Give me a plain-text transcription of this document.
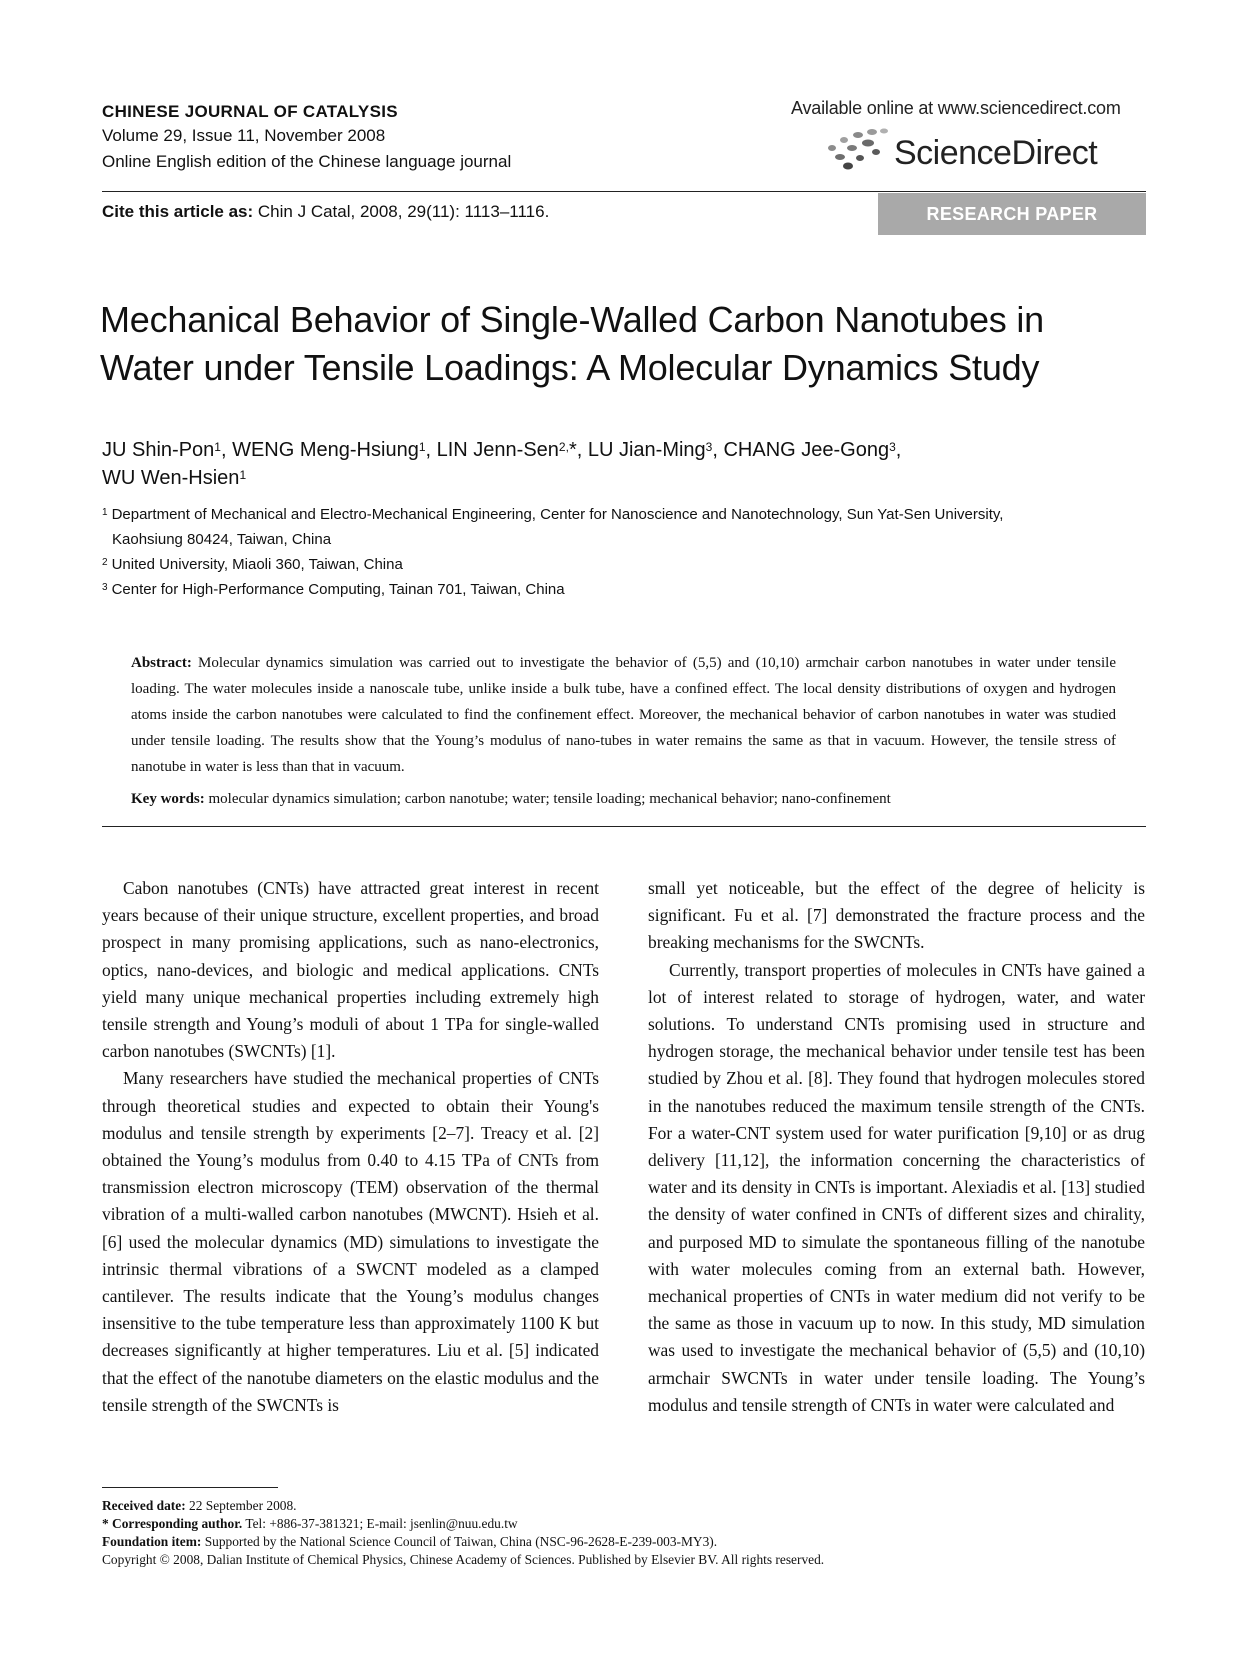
CHINESE JOURNAL OF CATALYSIS
Volume 29, Issue 11, November 2008
Online English edition of the Chinese language journal
Available online at www.sciencedirect.com
ScienceDirect
Cite this article as: Chin J Catal, 2008, 29(11): 1113–1116.	RESEARCH PAPER
Mechanical Behavior of Single-Walled Carbon Nanotubes in
Water under Tensile Loadings: A Molecular Dynamics Study
JU Shin-Pon$^1$, WENG Meng-Hsiung$^1$, LIN Jenn-Sen$^{2,}$*, LU Jian-Ming$^3$, CHANG Jee-Gong$^3$,
WU Wen-Hsien$^1$
$^1$ Department of Mechanical and Electro-Mechanical Engineering, Center for Nanoscience and Nanotechnology, Sun Yat-Sen University,
Kaohsiung 80424, Taiwan, China
$^2$ United University, Miaoli 360, Taiwan, China
$^3$ Center for High-Performance Computing, Tainan 701, Taiwan, China
Abstract: Molecular dynamics simulation was carried out to investigate the behavior of (5,5) and (10,10) armchair carbon nanotubes in water under tensile loading. The water molecules inside a nanoscale tube, unlike inside a bulk tube, have a confined effect. The local density distributions of oxygen and hydrogen atoms inside the carbon nanotubes were calculated to find the confinement effect. Moreover, the mechanical behavior of carbon nanotubes in water was studied under tensile loading. The results show that the Young’s modulus of nano-tubes in water remains the same as that in vacuum. However, the tensile stress of nanotube in water is less than that in vacuum.
Key words: molecular dynamics simulation; carbon nanotube; water; tensile loading; mechanical behavior; nano-confinement

Cabon nanotubes (CNTs) have attracted great interest in recent years because of their unique structure, excellent properties, and broad prospect in many promising applications, such as nano-electronics, optics, nano-devices, and biologic and medical applications. CNTs yield many unique mechanical properties including extremely high tensile strength and Young’s moduli of about 1 TPa for single-walled carbon nanotubes (SWCNTs) [1].

Many researchers have studied the mechanical properties of CNTs through theoretical studies and expected to obtain their Young's modulus and tensile strength by experiments [2–7]. Treacy et al. [2] obtained the Young’s modulus from 0.40 to 4.15 TPa of CNTs from transmission electron microscopy (TEM) observation of the thermal vibration of a multi-walled carbon nanotubes (MWCNT). Hsieh et al. [6] used the molecular dynamics (MD) simulations to investigate the intrinsic thermal vibrations of a SWCNT modeled as a clamped cantilever. The results indicate that the Young’s modulus changes insensitive to the tube temperature less than approximately 1100 K but decreases significantly at higher temperatures. Liu et al. [5] indicated that the effect of the nanotube diameters on the elastic modulus and the tensile strength of the SWCNTs is

small yet noticeable, but the effect of the degree of helicity is significant. Fu et al. [7] demonstrated the fracture process and the breaking mechanisms for the SWCNTs.

Currently, transport properties of molecules in CNTs have gained a lot of interest related to storage of hydrogen, water, and water solutions. To understand CNTs promising used in structure and hydrogen storage, the mechanical behavior under tensile test has been studied by Zhou et al. [8]. They found that hydrogen molecules stored in the nanotubes reduced the maximum tensile strength of the CNTs. For a water-CNT system used for water purification [9,10] or as drug delivery [11,12], the information concerning the characteristics of water and its density in CNTs is important. Alexiadis et al. [13] studied the density of water confined in CNTs of different sizes and chirality, and purposed MD to simulate the spontaneous filling of the nanotube with water molecules coming from an external bath. However, mechanical properties of CNTs in water medium did not verify to be the same as those in vacuum up to now. In this study, MD simulation was used to investigate the mechanical behavior of (5,5) and (10,10) armchair SWCNTs in water under tensile loading. The Young’s modulus and tensile strength of CNTs in water were calculated and

Received date: 22 September 2008.
* Corresponding author. Tel: +886-37-381321; E-mail: jsenlin@nuu.edu.tw
Foundation item: Supported by the National Science Council of Taiwan, China (NSC-96-2628-E-239-003-MY3).
Copyright © 2008, Dalian Institute of Chemical Physics, Chinese Academy of Sciences. Published by Elsevier BV. All rights reserved.
